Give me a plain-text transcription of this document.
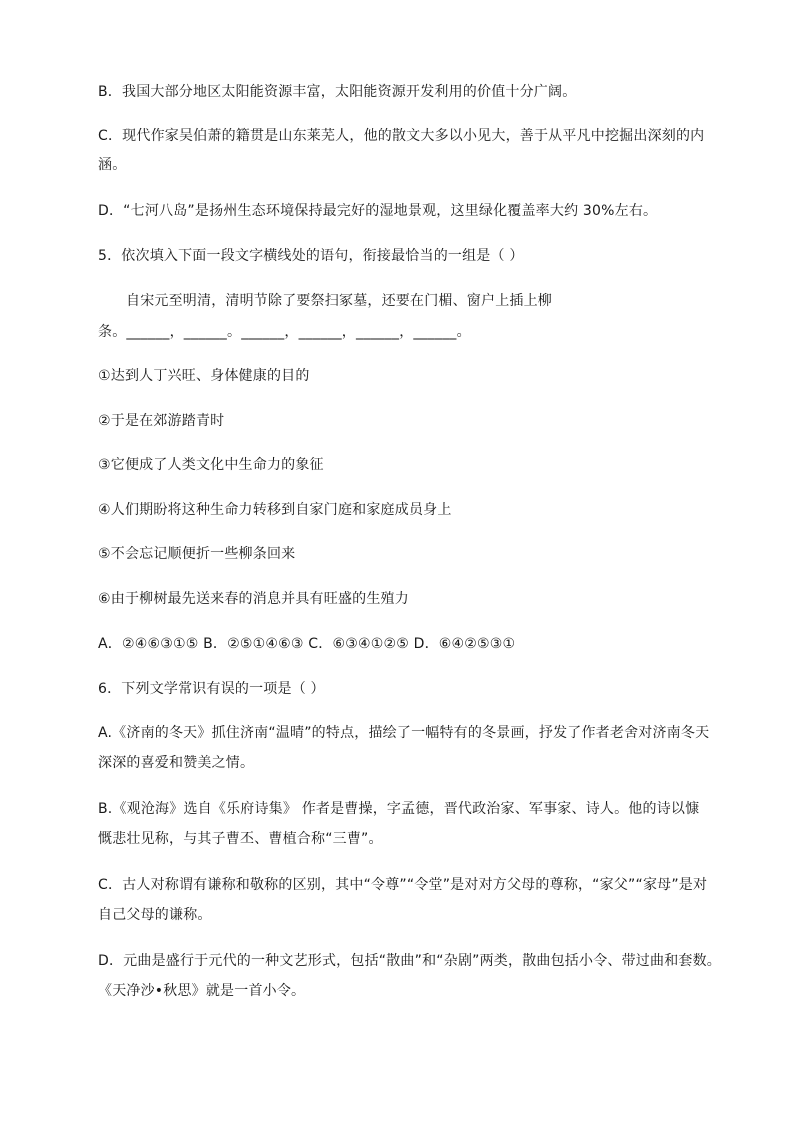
B．我国大部分地区太阳能资源丰富，太阳能资源开发利用的价值十分广阔。
C．现代作家吴伯萧的籍贯是山东莱芜人，他的散文大多以小见大，善于从平凡中挖掘出深刻的内
涵。
D．“七河八岛”是扬州生态环境保持最完好的湿地景观，这里绿化覆盖率大约 30%左右。
5．依次填入下面一段文字横线处的语句，衔接最恰当的一组是（ ）
自宋元至明清，清明节除了要祭扫冢墓，还要在门楣、窗户上插上柳
条。______，______。______，______，______，______。
①达到人丁兴旺、身体健康的目的
②于是在郊游踏青时
③它便成了人类文化中生命力的象征
④人们期盼将这种生命力转移到自家门庭和家庭成员身上
⑤不会忘记顺便折一些柳条回来
⑥由于柳树最先送来春的消息并具有旺盛的生殖力
A．②④⑥③①⑤ B．②⑤①④⑥③ C．⑥③④①②⑤ D．⑥④②⑤③①
6．下列文学常识有误的一项是（ ）
A.《济南的冬天》抓住济南“温晴”的特点，描绘了一幅特有的冬景画，抒发了作者老舍对济南冬天
深深的喜爱和赞美之情。
B.《观沧海》选自《乐府诗集》 作者是曹操，字孟德，晋代政治家、军事家、诗人。他的诗以慷
慨悲壮见称，与其子曹丕、曹植合称“三曹”。
C．古人对称谓有谦称和敬称的区别，其中“令尊”“令堂”是对对方父母的尊称，“家父”“家母”是对
自己父母的谦称。
D．元曲是盛行于元代的一种文艺形式，包括“散曲”和“杂剧”两类，散曲包括小令、带过曲和套数。
《天净沙•秋思》就是一首小令。
